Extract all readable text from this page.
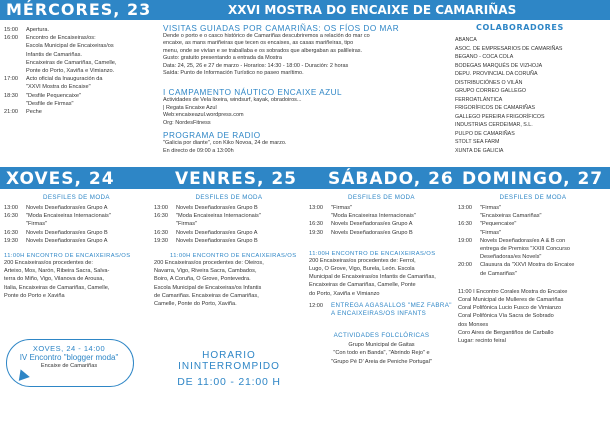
MÉRCORES, 23	XXVI MOSTRA DO ENCAIXE DE CAMARIÑAS
COLABORADORES
15:00	Apertura.
16:00	Encontro de Encaixeiras/os:
Escola Municipal de Encaixeiras/os
Infantis de Camariñas.
Encaixeiras de Camariñas, Camelle,
Ponte do Porto, Xaviña e Vimianzo.
17:00	Acto oficial da Inauguración da
"XXVI Mostra do Encaixe"
18:30	"Desfile Pequencaixe"
"Desfile de Firmas"
21:00	Peche
VISITAS GUIADAS POR CAMARIÑAS: OS FÍOS DO MAR
Dende o porto e o casco histórico de Camariñas descubriremos a relación do mar co
encaixe, as mans mariñeiras que tecen os encaixes, as casas mariñeiras, tipo
menu, onde se vivían e se traballaba e os sobrados que albergaban as palilleiras.
Gusto: gratuito presentando a entrada da Mostra
Data: 24, 25, 26 e 27 de marzo - Horarios: 14:30 - 18:00 - Duración: 2 horas
Saída: Punto de Información Turístico no paseo marítimo.
I CAMPAMENTO NÁUTICO ENCAIXE AZUL
Actividades de Vela lixeira, windsurf, kayak, obradoiros...
| Regata Encaixe Azul
Web:encaixeazul.wordpress.com
Org: NordesFitness
PROGRAMA DE RADIO
"Galicia por diante", con Kiko Novoa, 24 de marzo.
En directo de 09:00 a 13:00h
ABANCA
ASOC. DE EMPRESARIOS DE CAMARIÑAS
BEGANO - COCA COLA
BODEGAS MARQUÉS DE VIZHOJA
DEPU. PROVINCIAL DA CORUÑA
DISTRIBUCIÓNES O VILÁN
GRUPO CORREO GALLEGO
FERROATLÁNTICA
FRIGORÍFICOS DE CAMARIÑAS
GALLEGO PEREIRA FRIGORÍFICOS
INDUSTRIAS CERDEIMAR, S.L.
PULPO DE CAMARIÑAS
STOLT SEA FARM
XUNTA DE GALICIA
XOVES, 24	VENRES, 25 SÁBADO, 26 DOMINGO, 27
DESFILES DE MODA
13:00	Novels Deseñadoras/es Grupo A
16:30	"Moda Encaixeiras Internacionais"
"Firmas"
16:30	Novels Deseñadoras/es Grupo B
19:30	Novels Deseñadoras/es Grupo A
11:00H ENCONTRO DE ENCAIXEIRAS/OS
200 Encaixeiras/os procedentes de:
Arteixo, Mos, Narón, Ribeira Sacra, Salva-
terra do Miño, Vigo, Vilanova de Arousa,
Italia, Encaixeiras de Camariñas, Camelle,
Ponte do Porto e Xaviña
XOVES, 24 - 14:00
IV Encontro "blogger moda"
Encaixe de Camariñas
DESFILES DE MODA
13:00	Novels Deseñadoras/es Grupo B
16:30	"Moda Encaixeiras Internacionais"
"Firmas"
16:30	Novels Deseñadoras/es Grupo A
19:30	Novels Deseñadoras/es Grupo B
11:00H ENCONTRO DE ENCAIXEIRAS/OS
200 Encaixeiras/os procedentes de: Oleiros,
Navarra, Vigo, Riveira Sacra, Cambados,
Boiro, A Coruña, O Grove, Pontevedra.
Escola Municipal de Encaixeiras/os Infantis
de Camariñas. Encaixeiras de Camariñas,
Camelle, Ponte do Porto, Xaviña.
HORARIO
ININTERROMPIDO
DE 11:00 - 21:00 H
DESFILES DE MODA
13:00	"Firmas"
"Moda Encaixeiras Internacionais"
16:30	Novels Deseñadoras/es Grupo A
19:30	Novels Deseñadoras/es Grupo B
11:00H ENCONTRO DE ENCAIXEIRAS/OS
200 Encaixeiras/os procedentes de: Ferrol,
Lugo, O Grove, Vigo, Burela, León. Escola
Municipal de Encaixeiras/os Infantis de Camariñas,
Encaixeiras de Camariñas, Camelle, Ponte
do Porto, Xaviña e Vimianzo
12:00	ENTREGA AGASALLOS "MEZ FABRA"
A ENCAIXEIRAS/OS INFANTS
ACTIVIDADES FOLCLÓRICAS
Grupo Municipal de Gaitas
"Con todo en Banda", "Abrindo Rejo" e
"Grupo Pé D' Areia de Peniche Portugal"
DESFILES DE MODA
13:00	"Firmas"
"Encaixeiras Camariñas"
16:30	"Pequencaixe"
"Firmas"
19:00	Novels Deseñadoras/es A & B con
entrega de Premios "XXIII Concurso
Deseñadoras/es Novels"
20:00	Clausura da "XXVI Mostra do Encaixe
de Camariñas"
11:00 I Encontro Corales Mostra do Encaixe
Coral Municipal de Mulleres de Camariñas
Coral Polifónica Lucio Fusco de Vimianzo
Coral Polifónica Vía Sacra de Sobrado
dos Monxes
Coro Aires de Bergantiños de Carballo
Lugar: recinto feiral
